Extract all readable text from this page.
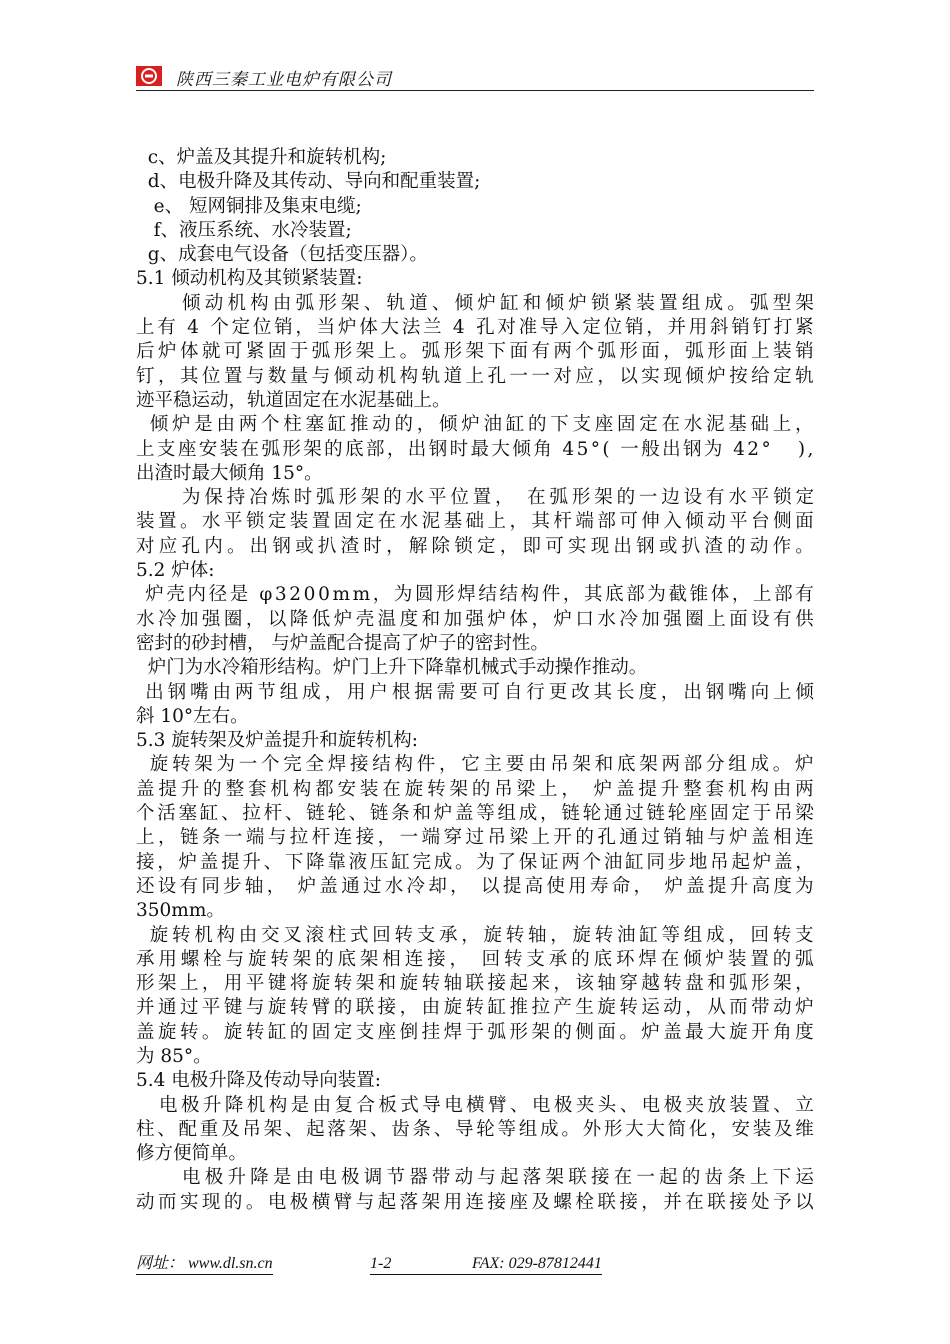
陕西三秦工业电炉有限公司
c、炉盖及其提升和旋转机构;
d、电极升降及其传动、导向和配重装置;
e、 短网铜排及集束电缆;
f、液压系统、水冷装置;
g、成套电气设备（包括变压器）。
5.1 倾动机构及其锁紧装置:
倾 动 机 构 由 弧 形 架 、 轨 道 、 倾 炉 缸 和 倾 炉 锁 紧 装 置 组 成 。 弧 型 架
上 有
4
个 定 位 销 ， 当 炉 体 大 法 兰
4
孔 对 准 导 入 定 位 销 ， 并 用 斜 销 钉 打 紧
后 炉 体 就 可 紧 固 于 弧 形 架 上 。 弧 形 架 下 面 有 两 个 弧 形 面 ， 弧 形 面 上 装 销
钉 ， 其 位 置 与 数 量 与 倾 动 机 构 轨 道 上 孔 一 一 对 应 ， 以 实 现 倾 炉 按 给 定 轨
迹平稳运动，轨道固定在水泥基础上。
倾 炉 是 由 两 个 柱 塞 缸 推 动 的 ， 倾 炉 油 缸 的 下 支 座 固 定 在 水 泥 基 础 上 ，
上 支 座 安 装 在 弧 形 架 的 底 部 ， 出 钢 时 最 大 倾 角
4 5 ° (
一 般 出 钢 为
4 2 °

) ,
出渣时最大倾角 15°。
为 保 持 冶 炼 时 弧 形 架 的 水 平 位 置 ，
在 弧 形 架 的 一 边 设 有 水 平 锁 定
装 置 。 水 平 锁 定 装 置 固 定 在 水 泥 基 础 上 ， 其 杆 端 部 可 伸 入 倾 动 平 台 侧 面
对 应 孔 内 。 出 钢 或 扒 渣 时 ， 解 除 锁 定 ， 即 可 实 现 出 钢 或 扒 渣 的 动 作 。
5.2 炉体:
炉 壳 内 径 是
φ 3 2 0 0 m m ， 为 圆 形 焊 结 结 构 件 ， 其 底 部 为 截 锥 体 ， 上 部 有
水 冷 加 强 圈 ， 以 降 低 炉 壳 温 度 和 加 强 炉 体 ， 炉 口 水 冷 加 强 圈 上 面 设 有 供
密封的砂封槽， 与炉盖配合提高了炉子的密封性。
炉门为水冷箱形结构。炉门上升下降靠机械式手动操作推动。
出 钢 嘴 由 两 节 组 成 ， 用 户 根 据 需 要 可 自 行 更 改 其 长 度 ， 出 钢 嘴 向 上 倾
斜 10°左右。
5.3 旋转架及炉盖提升和旋转机构:
旋 转 架 为 一 个 完 全 焊 接 结 构 件 ， 它 主 要 由 吊 架 和 底 架 两 部 分 组 成 。 炉
盖 提 升 的 整 套 机 构 都 安 装 在 旋 转 架 的 吊 梁 上 ，
炉 盖 提 升 整 套 机 构 由 两
个 活 塞 缸 、 拉 杆 、 链 轮 、 链 条 和 炉 盖 等 组 成 ， 链 轮 通 过 链 轮 座 固 定 于 吊 梁
上 ， 链 条 一 端 与 拉 杆 连 接 ， 一 端 穿 过 吊 梁 上 开 的 孔 通 过 销 轴 与 炉 盖 相 连
接 ， 炉 盖 提 升 、 下 降 靠 液 压 缸 完 成 。 为 了 保 证 两 个 油 缸 同 步 地 吊 起 炉 盖 ，
还 设 有 同 步 轴 ，
炉 盖 通 过 水 冷 却 ，
以 提 高 使 用 寿 命 ，
炉 盖 提 升 高 度 为
350mm。
旋 转 机 构 由 交 叉 滚 柱 式 回 转 支 承 ， 旋 转 轴 ， 旋 转 油 缸 等 组 成 ， 回 转 支
承 用 螺 栓 与 旋 转 架 的 底 架 相 连 接 ，
回 转 支 承 的 底 环 焊 在 倾 炉 装 置 的 弧
形 架 上 ， 用 平 键 将 旋 转 架 和 旋 转 轴 联 接 起 来 ， 该 轴 穿 越 转 盘 和 弧 形 架 ，
并 通 过 平 键 与 旋 转 臂 的 联 接 ， 由 旋 转 缸 推 拉 产 生 旋 转 运 动 ， 从 而 带 动 炉
盖 旋 转 。 旋 转 缸 的 固 定 支 座 倒 挂 焊 于 弧 形 架 的 侧 面 。 炉 盖 最 大 旋 开 角 度
为 85°。
5.4 电极升降及传动导向装置:
电 极 升 降 机 构 是 由 复 合 板 式 导 电 横 臂 、 电 极 夹 头 、 电 极 夹 放 装 置 、 立
柱 、 配 重 及 吊 架 、 起 落 架 、 齿 条 、 导 轮 等 组 成 。 外 形 大 大 简 化 ， 安 装 及 维
修方便简单。
电 极 升 降 是 由 电 极 调 节 器 带 动 与 起 落 架 联 接 在 一 起 的 齿 条 上 下 运
动 而 实 现 的 。 电 极 横 臂 与 起 落 架 用 连 接 座 及 螺 栓 联 接 ， 并 在 联 接 处 予 以
网址： www.dl.sn.cn	1-2	FAX: 029-87812441
